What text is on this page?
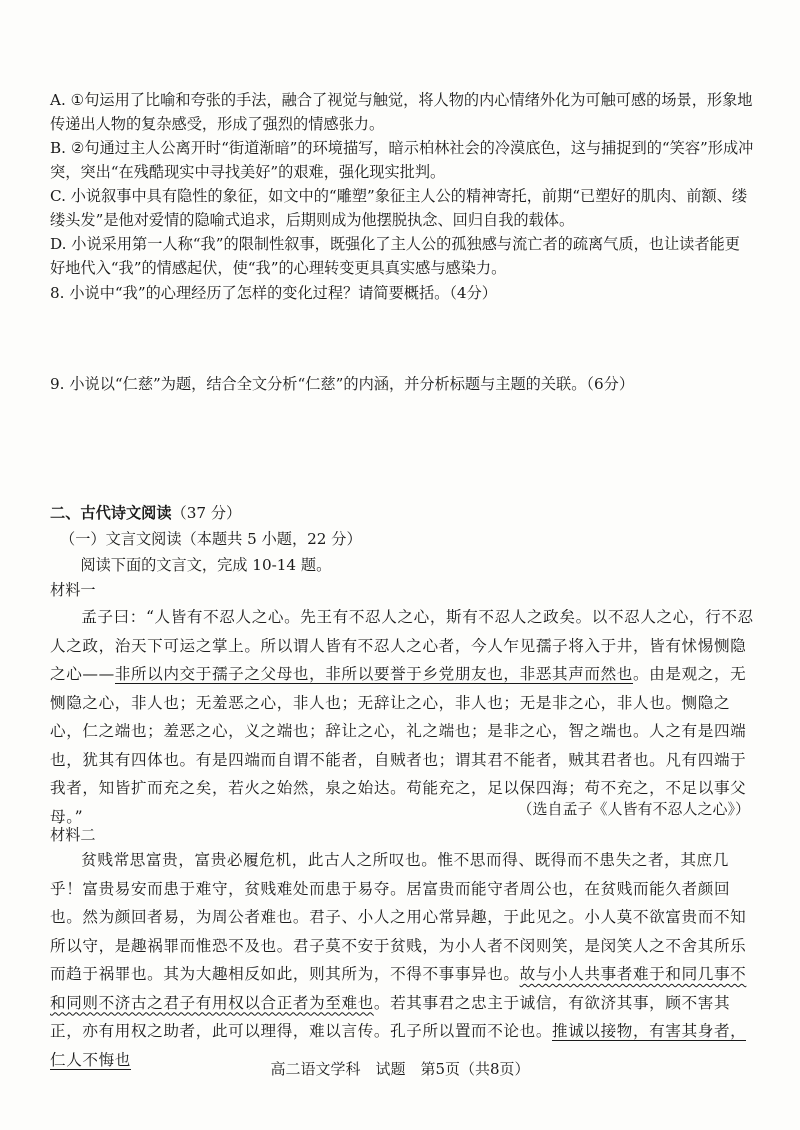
A. ①句运用了比喻和夸张的手法，融合了视觉与触觉，将人物的内心情绪外化为可触可感的场景，形象地传递出人物的复杂感受，形成了强烈的情感张力。
B. ②句通过主人公离开时“街道渐暗”的环境描写，暗示柏林社会的冷漠底色，这与捕捉到的“笑容”形成冲突，突出“在残酷现实中寻找美好”的艰难，强化现实批判。
C. 小说叙事中具有隐性的象征，如文中的“雕塑”象征主人公的精神寄托，前期“已塑好的肌肉、前额、缕缕头发”是他对爱情的隐喻式追求，后期则成为他摆脱执念、回归自我的载体。
D. 小说采用第一人称“我”的限制性叙事，既强化了主人公的孤独感与流亡者的疏离气质，也让读者能更好地代入“我”的情感起伏，使“我”的心理转变更具真实感与感染力。
8. 小说中“我”的心理经历了怎样的变化过程？请简要概括。（4分）
9. 小说以“仁慈”为题，结合全文分析“仁慈”的内涵，并分析标题与主题的关联。（6分）
二、古代诗文阅读（37 分）
（一）文言文阅读（本题共 5 小题，22 分）
阅读下面的文言文，完成 10-14 题。
材料一
孟子曰：“人皆有不忍人之心。先王有不忍人之心，斯有不忍人之政矣。以不忍人之心，行不忍人之政，治天下可运之掌上。所以谓人皆有不忍人之心者，今人乍见孺子将入于井，皆有怵惕恻隐之心——非所以内交于孺子之父母也，非所以要誉于乡党朋友也，非恶其声而然也。由是观之，无恻隐之心，非人也；无羞恶之心，非人也；无辞让之心，非人也；无是非之心，非人也。恻隐之心，仁之端也；羞恶之心，义之端也；辞让之心，礼之端也；是非之心，智之端也。人之有是四端也，犹其有四体也。有是四端而自谓不能者，自贼者也；谓其君不能者，贼其君者也。凡有四端于我者，知皆扩而充之矣，若火之始然，泉之始达。苟能充之，足以保四海；苟不充之，不足以事父母。”	（选自孟子《人皆有不忍人之心》）
材料二
贫贱常思富贵，富贵必履危机，此古人之所叹也。惟不思而得、既得而不患失之者，其庶几乎！富贵易安而患于难守，贫贱难处而患于易夺。居富贵而能守者周公也，在贫贱而能久者颜回也。然为颜回者易，为周公者难也。君子、小人之用心常异趣，于此见之。小人莫不欲富贵而不知所以守，是趣祸罪而惟恐不及也。君子莫不安于贫贱，为小人者不闵则笑，是闵笑人之不舍其所乐而趋于祸罪也。其为大趣相反如此，则其所为，不得不事事异也。故与小人共事者难于和同几事不和同则不济古之君子有用权以合正者为至难也。若其事君之忠主于诚信，有欲济其事，顾不害其正，亦有用权之助者，此可以理得，难以言传。孔子所以置而不论也。推诚以接物，有害其身者，仁人不悔也
高二语文学科　试题　第5页（共8页）
